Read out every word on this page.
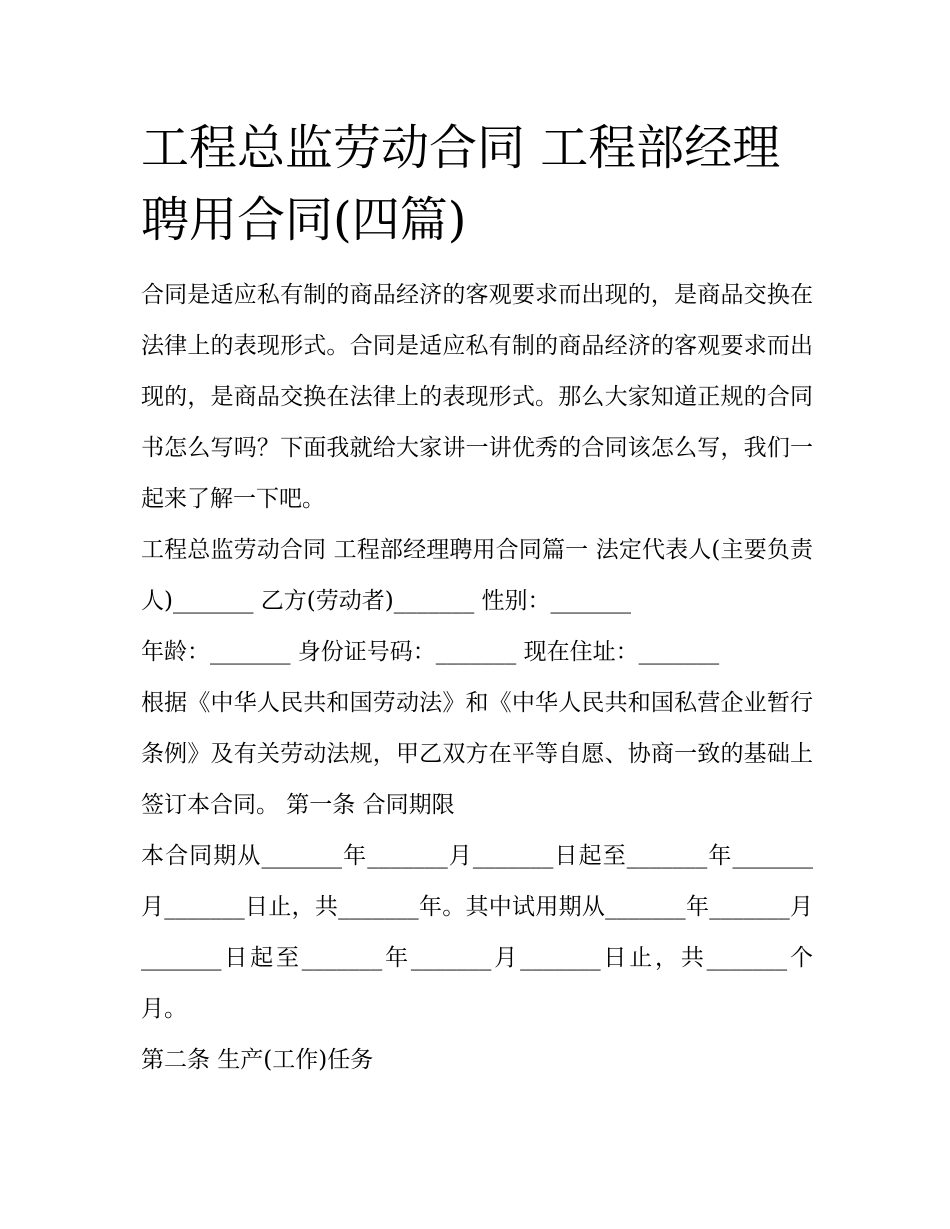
工程总监劳动合同 工程部经理聘用合同(四篇)

合同是适应私有制的商品经济的客观要求而出现的，是商品交换在法律上的表现形式。合同是适应私有制的商品经济的客观要求而出现的，是商品交换在法律上的表现形式。那么大家知道正规的合同书怎么写吗？下面我就给大家讲一讲优秀的合同该怎么写，我们一起来了解一下吧。

工程总监劳动合同 工程部经理聘用合同篇一 法定代表人(主要负责人)_______ 乙方(劳动者)_______ 性别：_______

年龄：_______ 身份证号码：_______ 现在住址：_______

根据《中华人民共和国劳动法》和《中华人民共和国私营企业暂行条例》及有关劳动法规，甲乙双方在平等自愿、协商一致的基础上签订本合同。 第一条 合同期限

本合同期从_______年_______月_______日起至_______年_______月_______日止，共_______年。其中试用期从_______年_______月_______日起至_______年_______月_______日止，共_______个月。

第二条 生产(工作)任务
